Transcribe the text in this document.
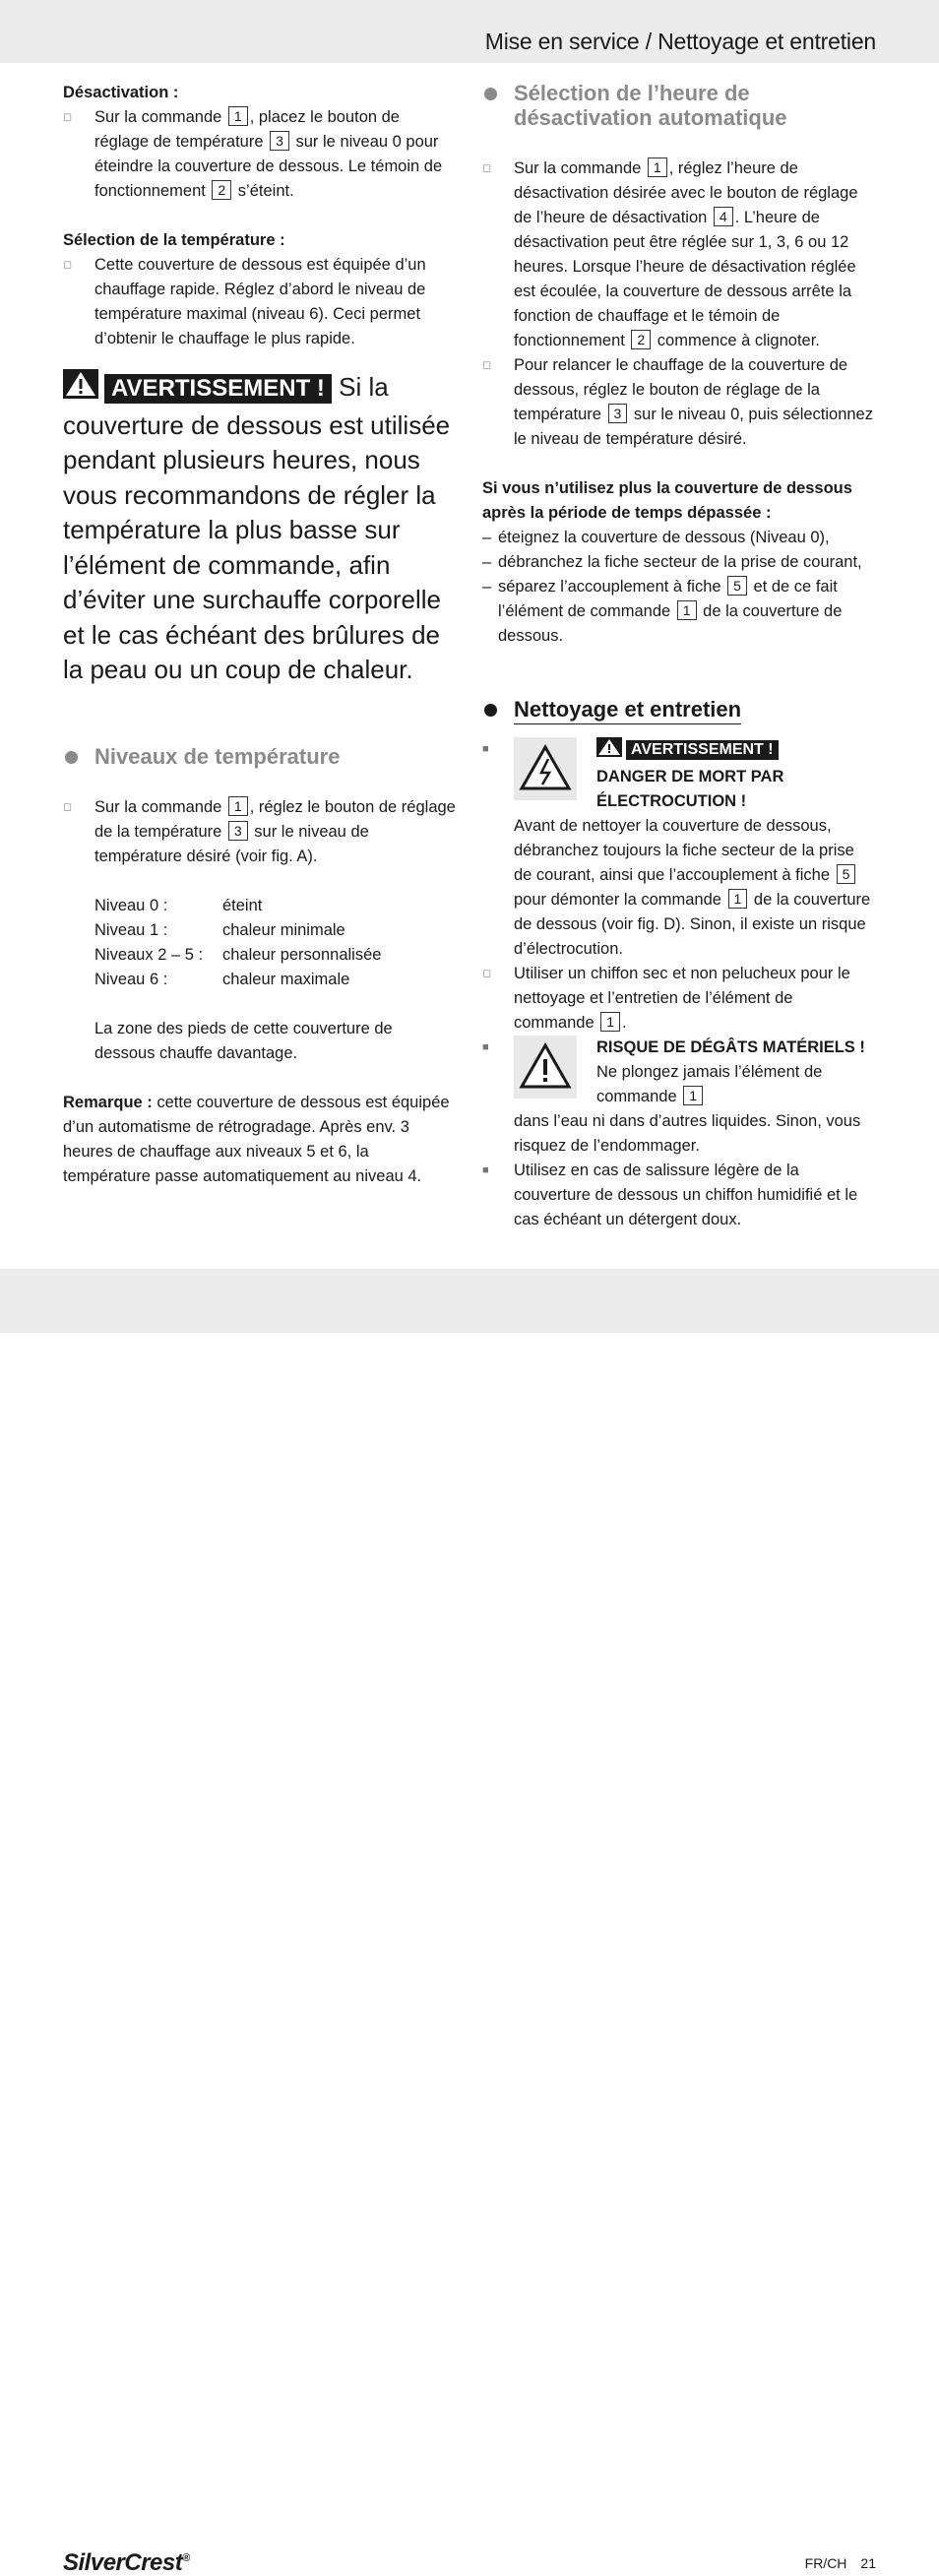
Mise en service / Nettoyage et entretien

Désactivation :

◻ Sur la commande 1 , placez le bouton de réglage de température 3 sur le niveau 0 pour éteindre la couverture de dessous. Le témoin de fonctionnement 2 s’éteint.

Sélection de la température :

◻ Cette couverture de dessous est équipée d’un chauffage rapide. Réglez d’abord le niveau de température maximal (niveau 6). Ceci permet d’obtenir le chauffage le plus rapide.
AVERTISSEMENT ! Si la couverture de dessous est utilisée pendant plusieurs heures, nous vous recommandons de régler la température la plus basse sur l’élément de commande, afin d’éviter une surchauffe corporelle et le cas échéant des brûlures de la peau ou un coup de chaleur.

Niveaux de température

◻ Sur la commande 1 , réglez le bouton de réglage de la température 3 sur le niveau de température désiré (voir fig. A).
Niveau 0 :	éteint
Niveau 1 :	chaleur minimale
Niveaux 2 – 5 :	chaleur personnalisée
Niveau 6 :	chaleur maximale
La zone des pieds de cette couverture de dessous chauffe davantage.
Remarque : cette couverture de dessous est équipée d’un automatisme de rétrogradage. Après env. 3 heures de chauffage aux niveaux 5 et 6, la température passe automatiquement au niveau 4.

Sélection de l’heure de désactivation automatique

◻ Sur la commande 1 , réglez l’heure de désactivation désirée avec le bouton de réglage de l’heure de désactivation 4 . L’heure de désactivation peut être réglée sur 1, 3, 6 ou 12 heures. Lorsque l’heure de désactivation réglée est écoulée, la couverture de dessous arrête la fonction de chauffage et le témoin de fonctionnement 2 commence à clignoter.
◻ Pour relancer le chauffage de la couverture de dessous, réglez le bouton de réglage de la température 3 sur le niveau 0, puis sélectionnez le niveau de température désiré.

Si vous n’utilisez plus la couverture de dessous après la période de temps dépassée :

– éteignez la couverture de dessous (Niveau 0),
– débranchez la fiche secteur de la prise de courant,
– séparez l’accouplement à fiche 5 et de ce fait l’élément de commande 1 de la couverture de dessous.

Nettoyage et entretien

■	AVERTISSEMENT !
DANGER DE MORT PAR ÉLECTROCUTION !
Avant de nettoyer la couverture de dessous, débranchez toujours la fiche secteur de la prise de courant, ainsi que l’accouplement à fiche 5 pour démonter la commande 1 de la couverture de dessous (voir fig. D). Sinon, il existe un risque d’électrocution.
◻ Utiliser un chiffon sec et non pelucheux pour le nettoyage et l’entretien de l’élément de commande 1 .
■	RISQUE DE DÉGÂTS MATÉRIELS ! Ne plongez jamais l’élément de commande 1
dans l’eau ni dans d’autres liquides. Sinon, vous risquez de l’endommager.
■ Utilisez en cas de salissure légère de la couverture de dessous un chiffon humidifié et le cas échéant un détergent doux.
SilverCrest®	FR/CH 21
